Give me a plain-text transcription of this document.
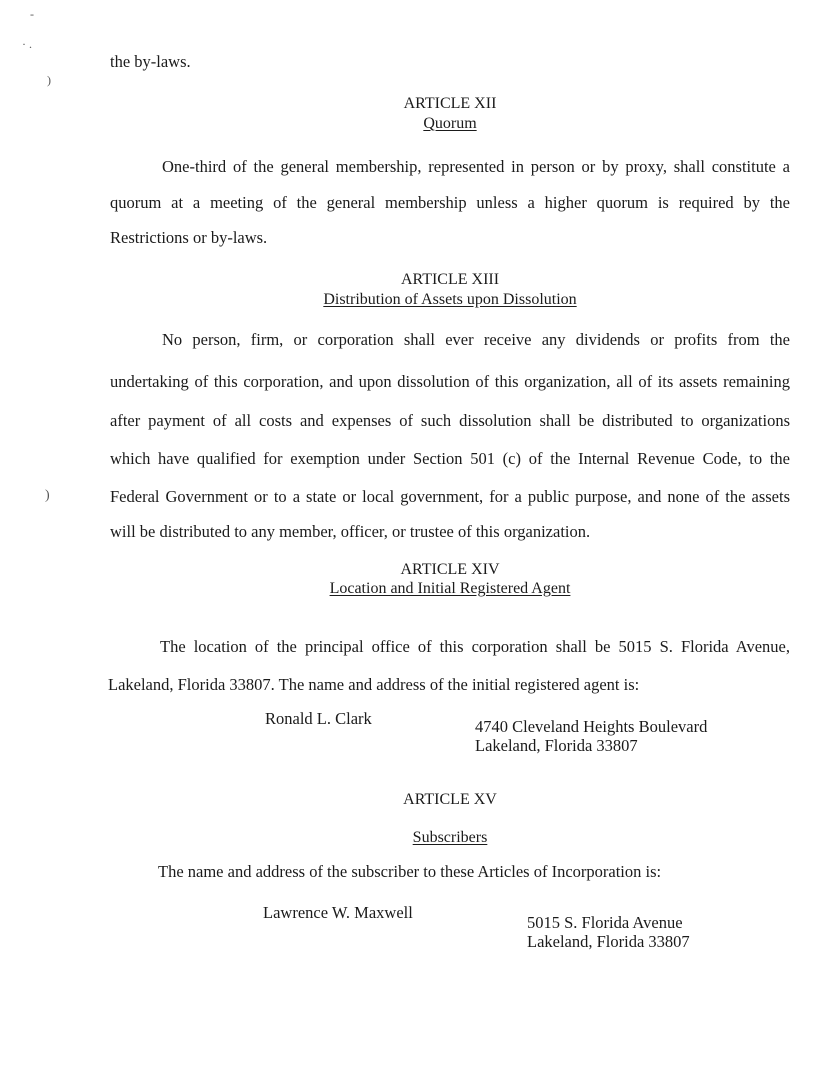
-
· .
)
)
the by-laws.
ARTICLE XII
Quorum
One-third of the general membership, represented in person or by proxy, shall constitute a
quorum at a meeting of the general membership unless a higher quorum is required by the
Restrictions or by-laws.
ARTICLE XIII
Distribution of Assets upon Dissolution
No person, firm, or corporation shall ever receive any dividends or profits from the
undertaking of this corporation, and upon dissolution of this organization, all of its assets remaining
after payment of all costs and expenses of such dissolution shall be distributed to organizations
which have qualified for exemption under Section 501 (c) of the Internal Revenue Code, to the
Federal Government or to a state or local government, for a public purpose, and none of the assets
will be distributed to any member, officer, or trustee of this organization.
ARTICLE XIV
Location and Initial Registered Agent
The location of the principal office of this corporation shall be 5015 S. Florida Avenue,
Lakeland, Florida 33807. The name and address of the initial registered agent is:
Ronald L. Clark	4740 Cleveland Heights Boulevard
Lakeland, Florida 33807
ARTICLE XV
Subscribers
The name and address of the subscriber to these Articles of Incorporation is:
Lawrence W. Maxwell
5015 S. Florida Avenue
Lakeland, Florida 33807
